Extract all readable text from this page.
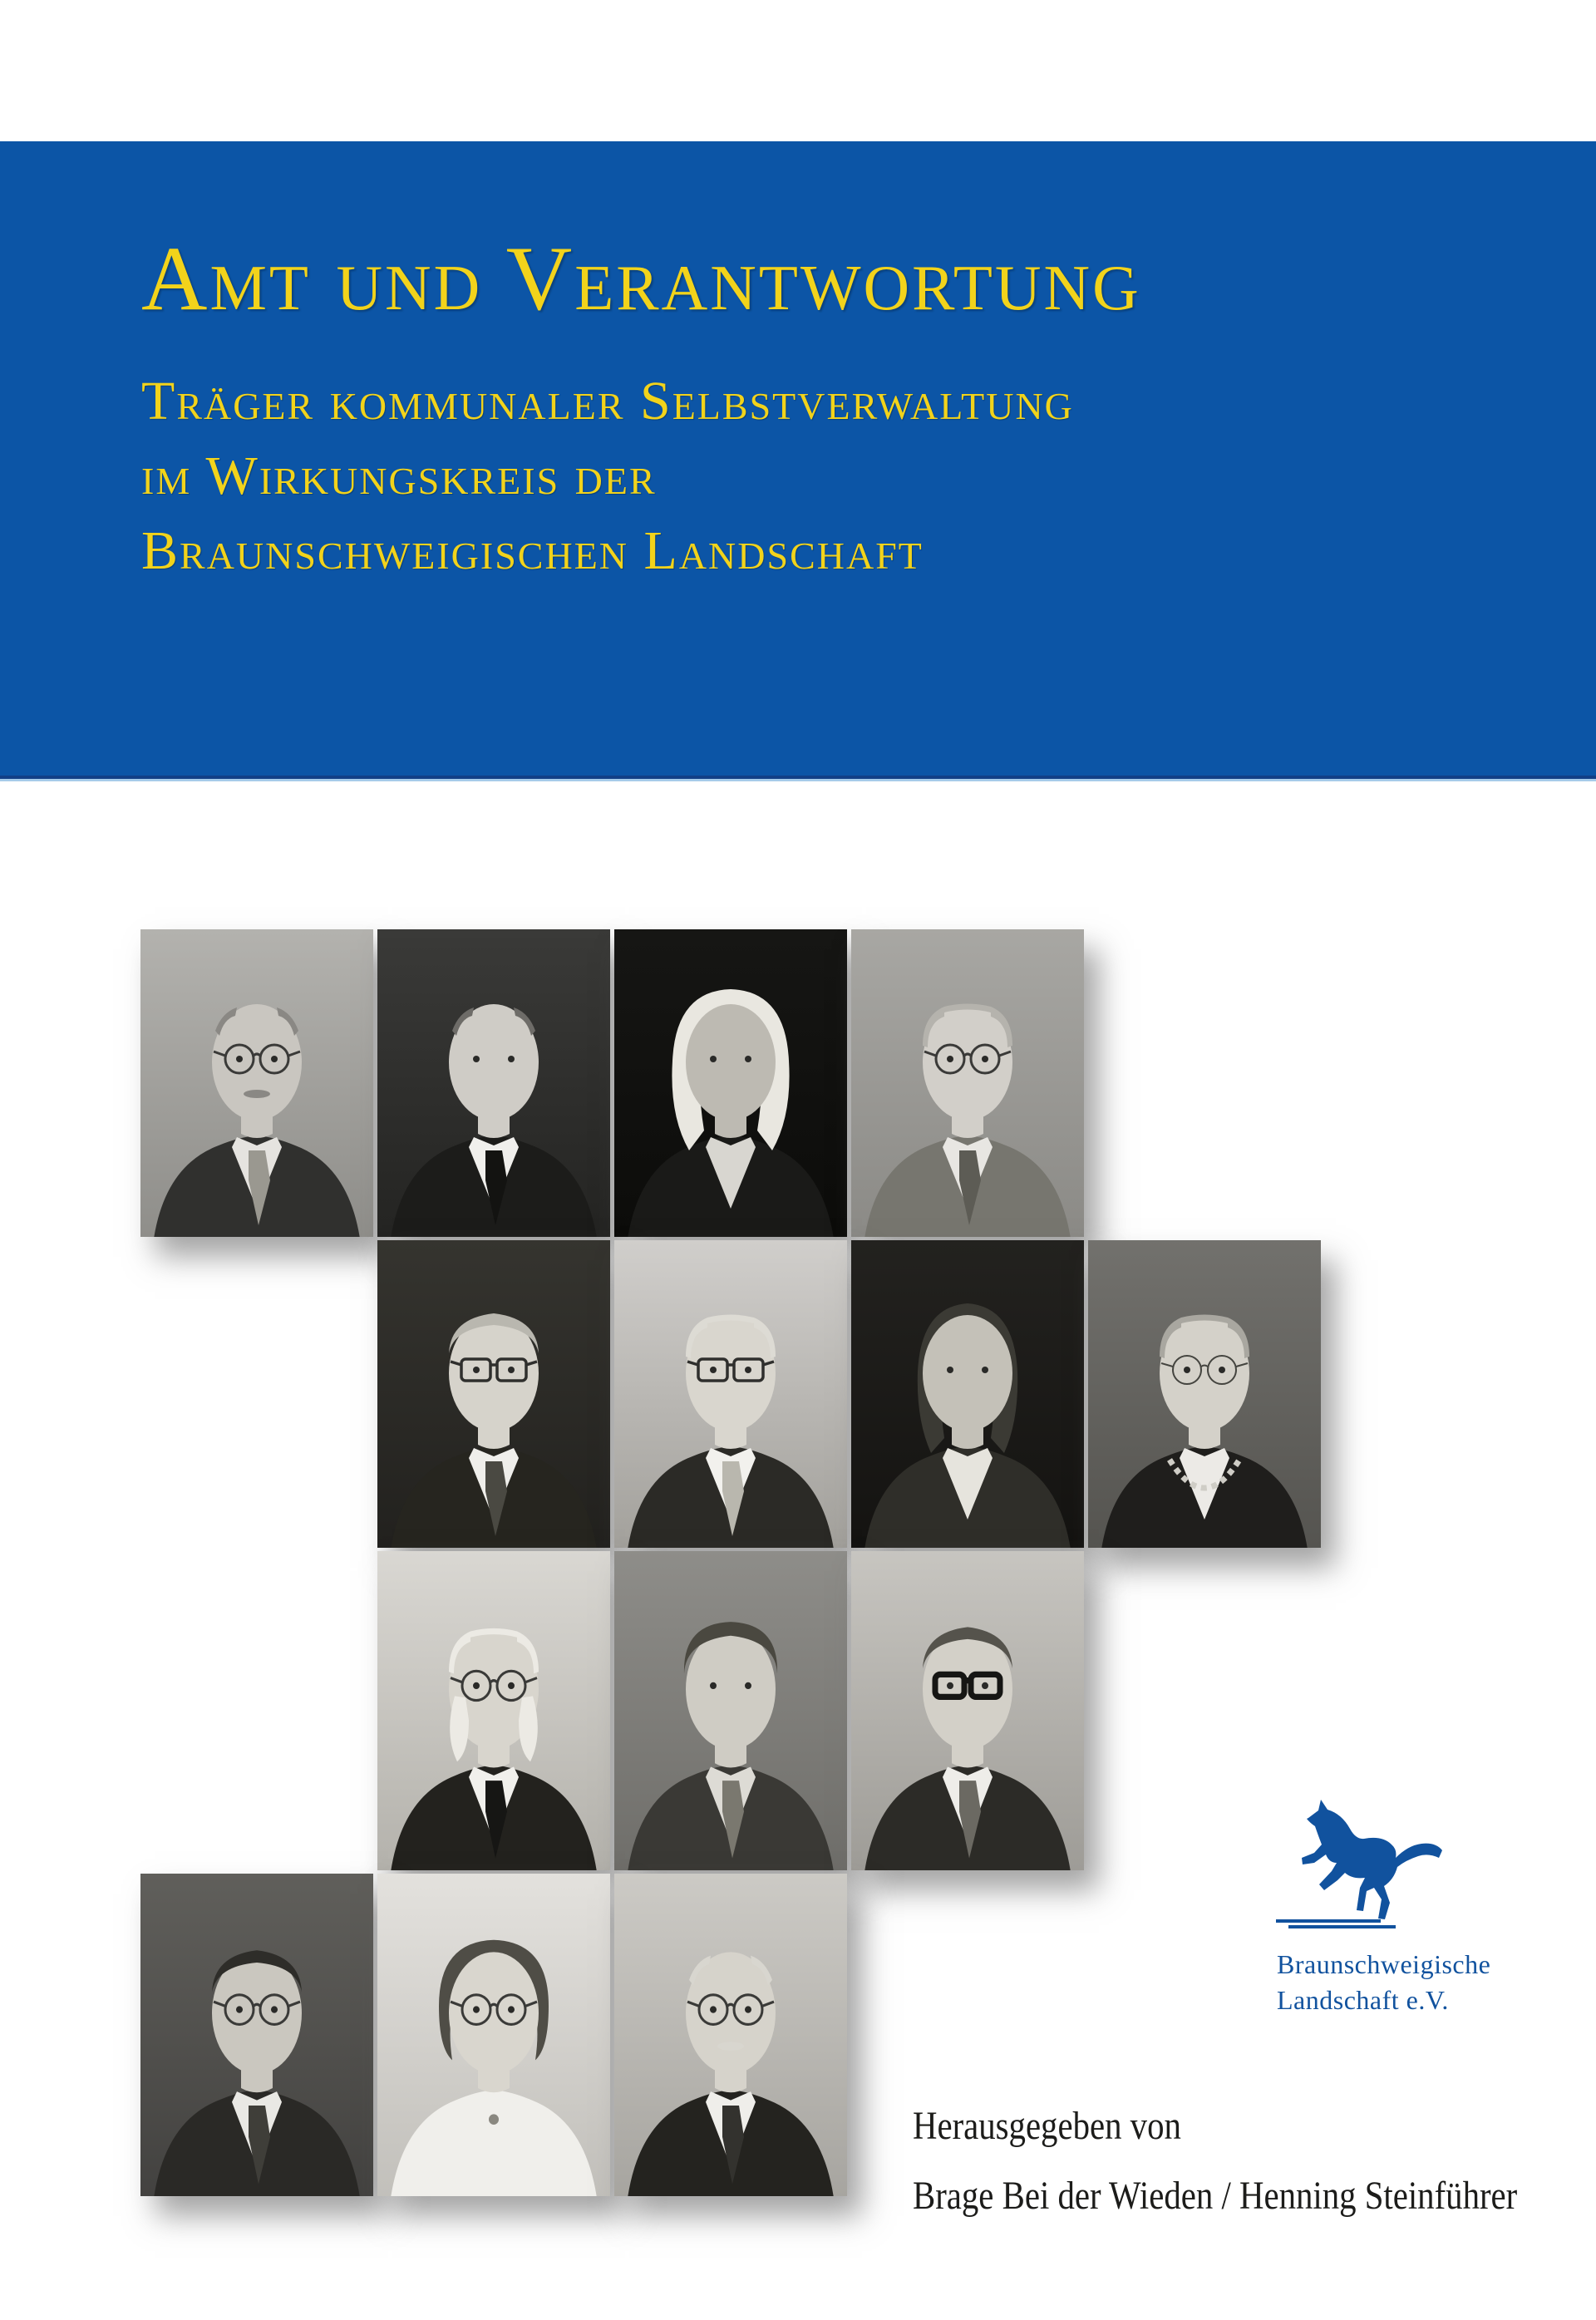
Amt und Verantwortung

Träger kommunaler Selbstverwaltung

im Wirkungskreis der

Braunschweigischen Landschaft

Braunschweigische

Landschaft e.V.

Herausgegeben von

Brage Bei der Wieden / Henning Steinführer
